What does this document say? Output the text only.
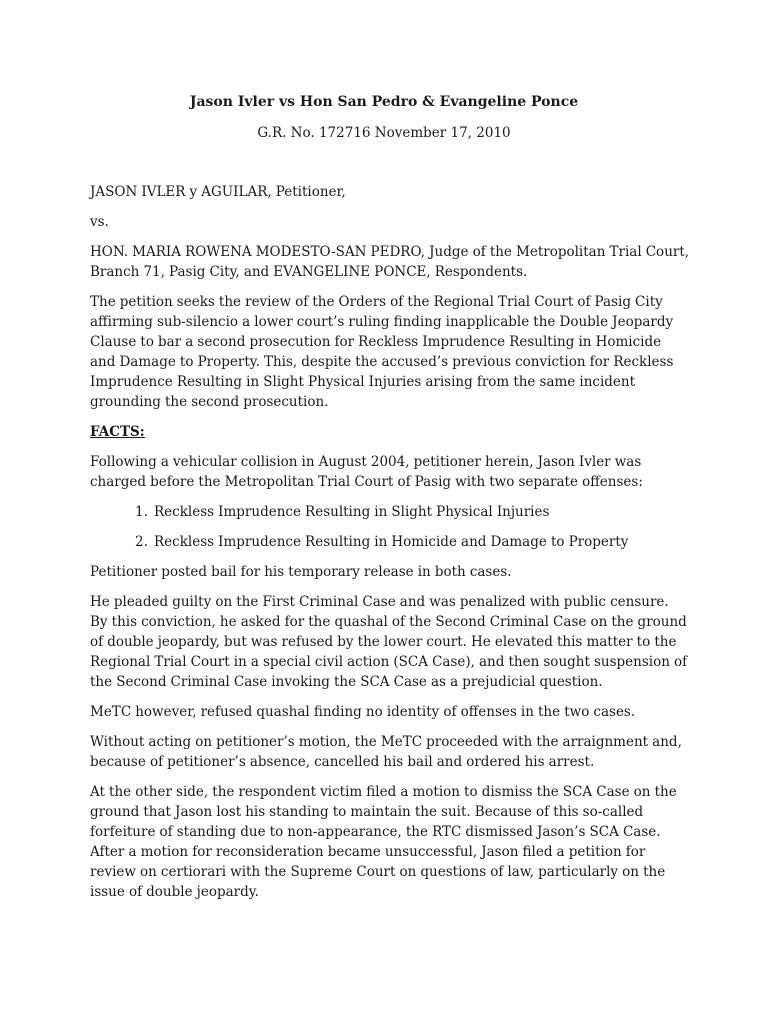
Jason Ivler vs Hon San Pedro & Evangeline Ponce
G.R. No. 172716 November 17, 2010

JASON IVLER y AGUILAR, Petitioner,

vs.

HON. MARIA ROWENA MODESTO-SAN PEDRO, Judge of the Metropolitan Trial Court, Branch 71, Pasig City, and EVANGELINE PONCE, Respondents.

The petition seeks the review of the Orders of the Regional Trial Court of Pasig City affirming sub-silencio a lower court’s ruling finding inapplicable the Double Jeopardy Clause to bar a second prosecution for Reckless Imprudence Resulting in Homicide and Damage to Property. This, despite the accused’s previous conviction for Reckless Imprudence Resulting in Slight Physical Injuries arising from the same incident grounding the second prosecution.

FACTS:

Following a vehicular collision in August 2004, petitioner herein, Jason Ivler was charged before the Metropolitan Trial Court of Pasig with two separate offenses:

1. Reckless Imprudence Resulting in Slight Physical Injuries
2. Reckless Imprudence Resulting in Homicide and Damage to Property

Petitioner posted bail for his temporary release in both cases.

He pleaded guilty on the First Criminal Case and was penalized with public censure. By this conviction, he asked for the quashal of the Second Criminal Case on the ground of double jeopardy, but was refused by the lower court. He elevated this matter to the Regional Trial Court in a special civil action (SCA Case), and then sought suspension of the Second Criminal Case invoking the SCA Case as a prejudicial question.

MeTC however, refused quashal finding no identity of offenses in the two cases.

Without acting on petitioner’s motion, the MeTC proceeded with the arraignment and, because of petitioner’s absence, cancelled his bail and ordered his arrest.

At the other side, the respondent victim filed a motion to dismiss the SCA Case on the ground that Jason lost his standing to maintain the suit. Because of this so-called forfeiture of standing due to non-appearance, the RTC dismissed Jason’s SCA Case. After a motion for reconsideration became unsuccessful, Jason filed a petition for review on certiorari with the Supreme Court on questions of law, particularly on the issue of double jeopardy.
